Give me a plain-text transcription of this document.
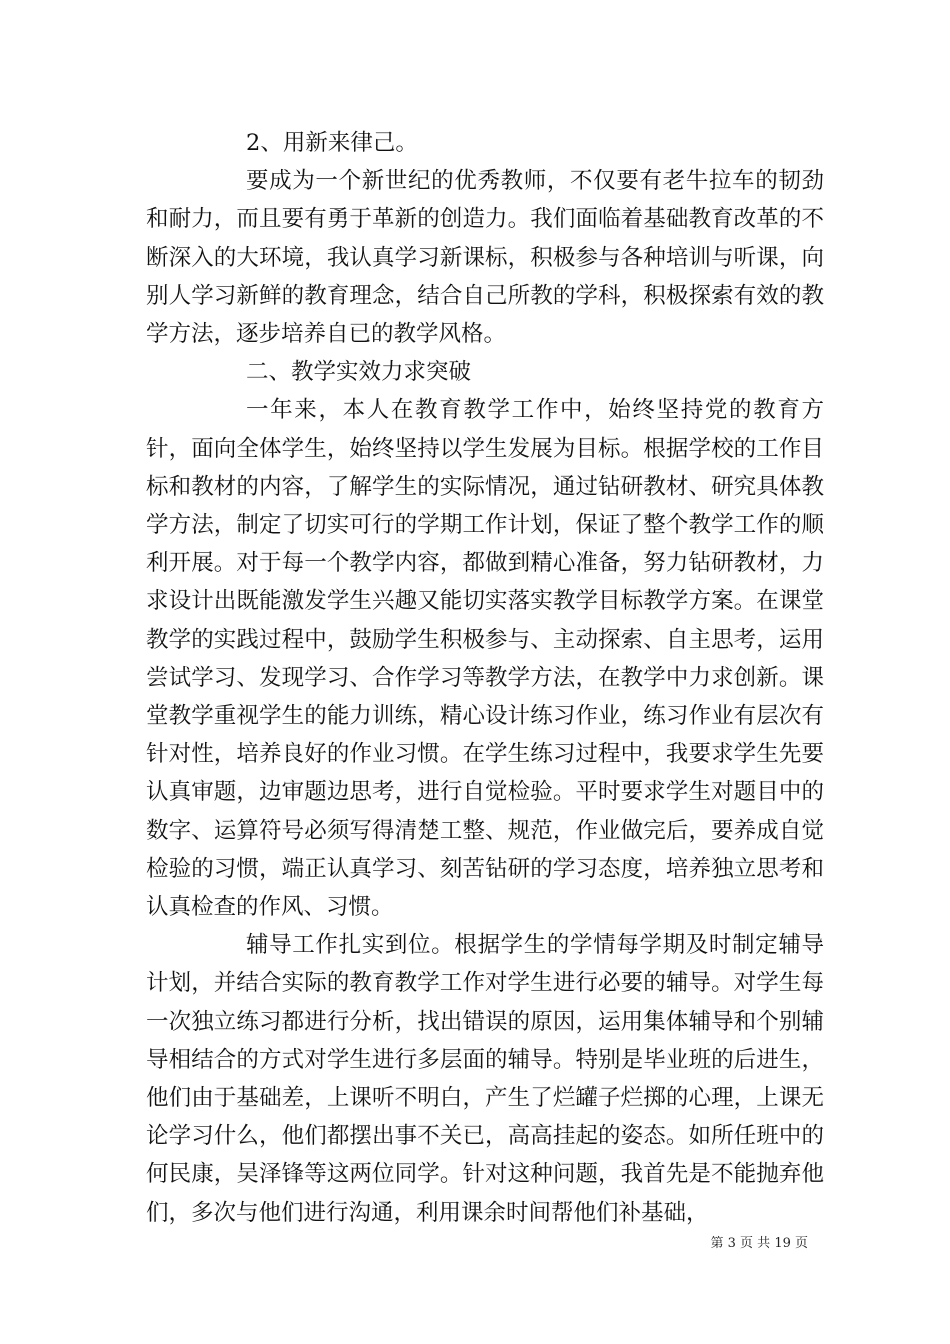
2、用新来律己。

要成为一个新世纪的优秀教师，不仅要有老牛拉车的韧劲和耐力，而且要有勇于革新的创造力。我们面临着基础教育改革的不断深入的大环境，我认真学习新课标，积极参与各种培训与听课，向别人学习新鲜的教育理念，结合自己所教的学科，积极探索有效的教学方法，逐步培养自已的教学风格。

二、教学实效力求突破

一年来，本人在教育教学工作中，始终坚持党的教育方针，面向全体学生，始终坚持以学生发展为目标。根据学校的工作目标和教材的内容，了解学生的实际情况，通过钻研教材、研究具体教学方法，制定了切实可行的学期工作计划，保证了整个教学工作的顺利开展。对于每一个教学内容，都做到精心准备，努力钻研教材，力求设计出既能激发学生兴趣又能切实落实教学目标教学方案。在课堂教学的实践过程中，鼓励学生积极参与、主动探索、自主思考，运用尝试学习、发现学习、合作学习等教学方法，在教学中力求创新。课堂教学重视学生的能力训练，精心设计练习作业，练习作业有层次有针对性，培养良好的作业习惯。在学生练习过程中，我要求学生先要认真审题，边审题边思考，进行自觉检验。平时要求学生对题目中的数字、运算符号必须写得清楚工整、规范，作业做完后，要养成自觉检验的习惯，端正认真学习、刻苦钻研的学习态度，培养独立思考和认真检查的作风、习惯。

辅导工作扎实到位。根据学生的学情每学期及时制定辅导计划，并结合实际的教育教学工作对学生进行必要的辅导。对学生每一次独立练习都进行分析，找出错误的原因，运用集体辅导和个别辅导相结合的方式对学生进行多层面的辅导。特别是毕业班的后进生，他们由于基础差，上课听不明白，产生了烂罐子烂掷的心理，上课无论学习什么，他们都摆出事不关已，高高挂起的姿态。如所任班中的何民康，吴泽锋等这两位同学。针对这种问题，我首先是不能抛弃他们，多次与他们进行沟通，利用课余时间帮他们补基础，

第 3 页 共 19 页
